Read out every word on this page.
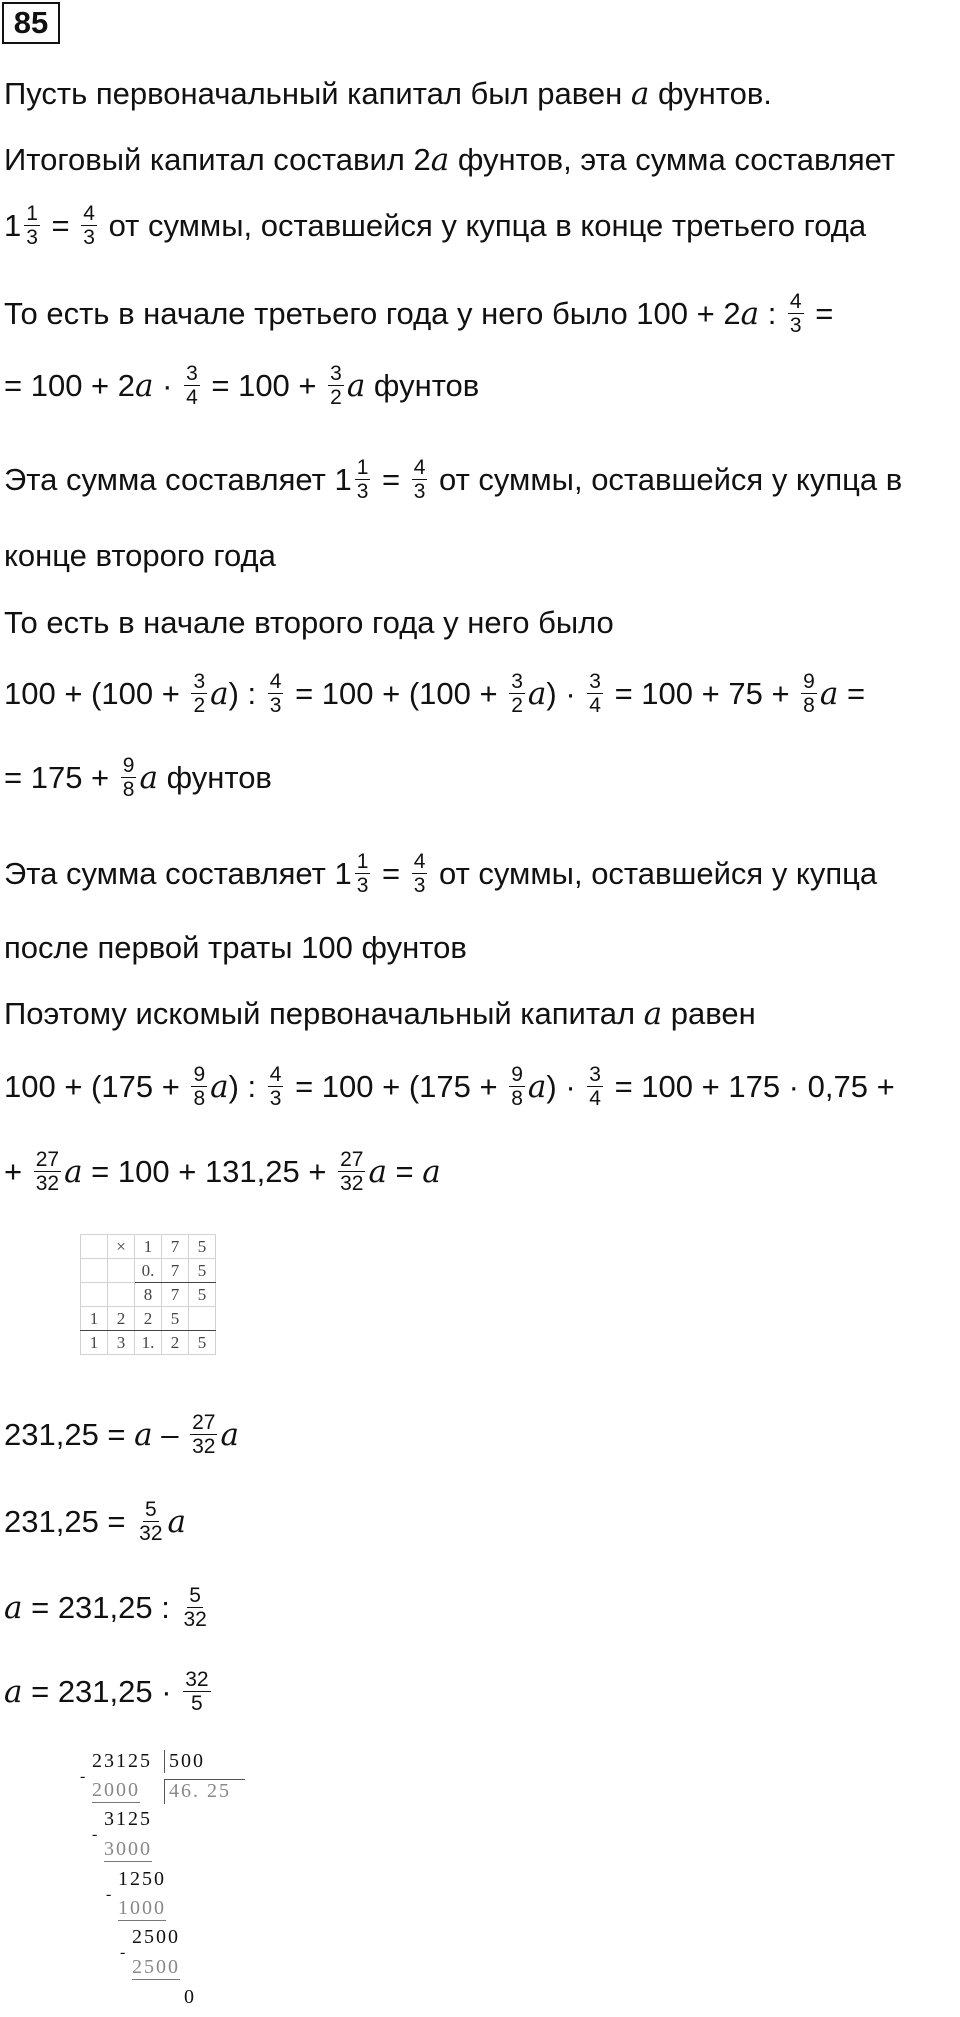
85
Пусть первоначальный капитал был равен a фунтов.
Итоговый капитал составил 2a фунтов, эта сумма составляет
$1 \frac{1}{3} = \frac{4}{3}$ от суммы, оставшейся у купца в конце третьего года
То есть в начале третьего года у него было 100 + 2a : $\frac{4}{3}$ =
= $100 + 2a \cdot \frac{3}{4} = 100 + \frac{3}{2}$ a фунтов
Эта сумма составляет $1 \frac{1}{3} = \frac{4}{3}$ от суммы, оставшейся у купца в
конце второго года
То есть в начале второго года у него было
$100 + (100 + \frac{3}{2} a)$ : $\frac{4}{3} = 100 + (100 + \frac{3}{2} a) \cdot \frac{3}{4} = 100 + 75 + \frac{9}{8}$ a =
= $175 + \frac{9}{8}$ a фунтов
Эта сумма составляет $1 \frac{1}{3} = \frac{4}{3}$ от суммы, оставшейся у купца
после первой траты 100 фунтов
Поэтому искомый первоначальный капитал a равен
$100 + (175 + \frac{9}{8} a)$ : $\frac{4}{3} = 100 + (175 + \frac{9}{8} a) \cdot \frac{3}{4} = 100 + 175 \cdot 0,75$ +
+ $\frac{27}{32}$ $a = 100 + 131,25 + \frac{27}{32}$ a = a
	×	1	7	5
		0.	7	5
		8	7	5
1	2	2	5	
1	3	1.	2	5
$231,25 = a - \frac{27}{32}$ a
$231,25 = \frac{5}{32}$ a
a = 231,25 : $\frac{5}{32}$
$a = 231,25 \cdot \frac{32}{5}$
23125 500
46. 25
-
2000
3125
-
3000
1250
-
1000
2500
-
2500
0
